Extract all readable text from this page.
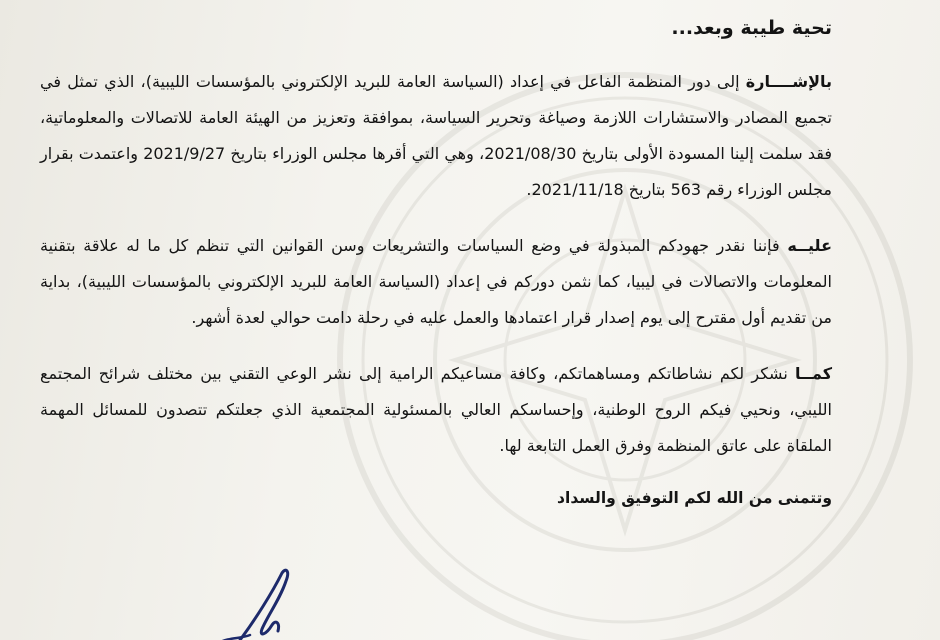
تحية طيبة وبعد...

بالإشــــارة إلى دور المنظمة الفاعل في إعداد (السياسة العامة للبريد الإلكتروني بالمؤسسات الليبية)، الذي تمثل في تجميع المصادر والاستشارات اللازمة وصياغة وتحرير السياسة، بموافقة وتعزيز من الهيئة العامة للاتصالات والمعلوماتية، فقد سلمت إلينا المسودة الأولى بتاريخ 2021/08/30، وهي التي أقرها مجلس الوزراء بتاريخ 2021/9/27 واعتمدت بقرار مجلس الوزراء رقم 563 بتاريخ 2021/11/18.

عليــه فإننا نقدر جهودكم المبذولة في وضع السياسات والتشريعات وسن القوانين التي تنظم كل ما له علاقة بتقنية المعلومات والاتصالات في ليبيا، كما نثمن دوركم في إعداد (السياسة العامة للبريد الإلكتروني بالمؤسسات الليبية)، بداية من تقديم أول مقترح إلى يوم إصدار قرار اعتمادها والعمل عليه في رحلة دامت حوالي لعدة أشهر.

كمــا نشكر لكم نشاطاتكم ومساهماتكم، وكافة مساعيكم الرامية إلى نشر الوعي التقني بين مختلف شرائح المجتمع الليبي، ونحيي فيكم الروح الوطنية، وإحساسكم العالي بالمسئولية المجتمعية الذي جعلتكم تتصدون للمسائل المهمة الملقاة على عاتق المنظمة وفرق العمل التابعة لها.

وتتمنى من الله لكم التوفيق والسداد
